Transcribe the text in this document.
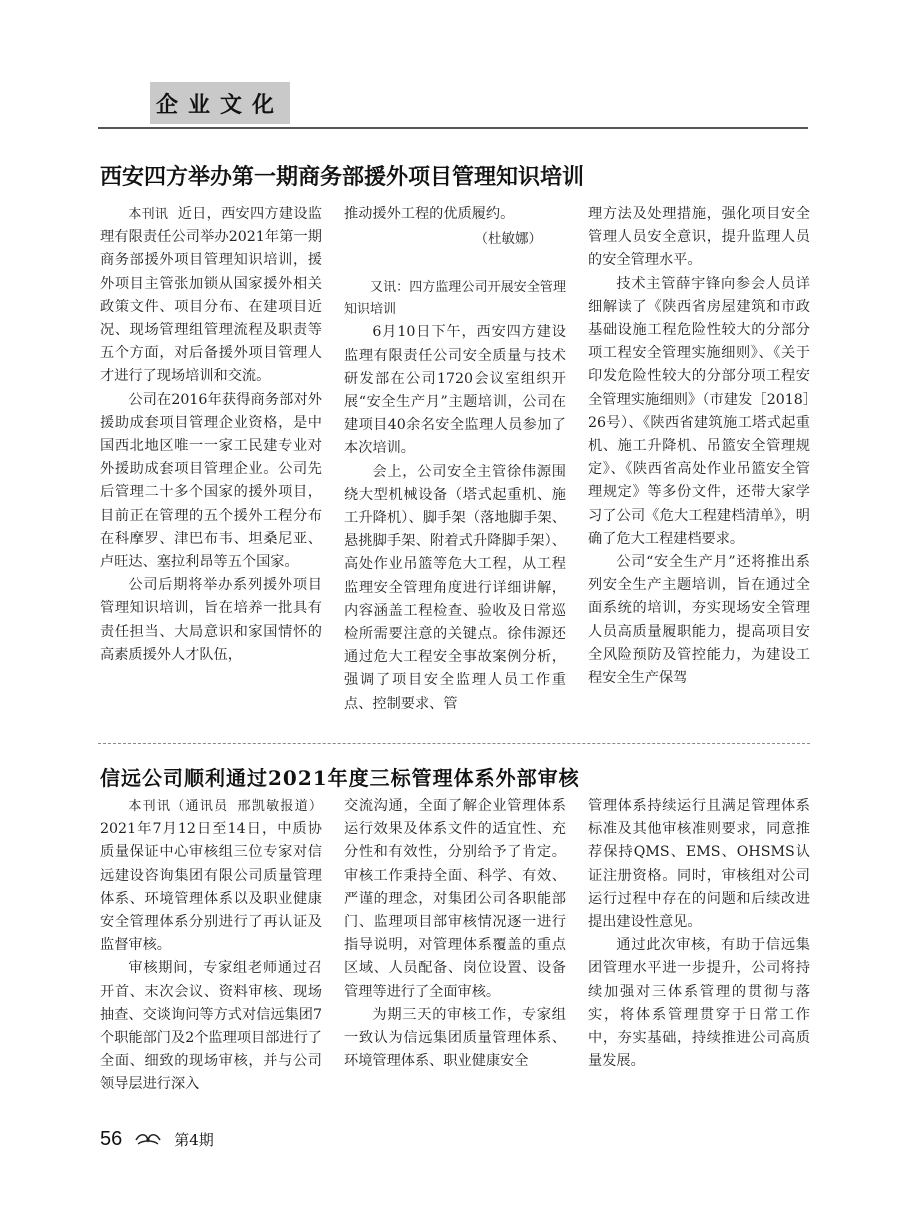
企业文化
西安四方举办第一期商务部援外项目管理知识培训

本刊讯 近日，西安四方建设监理有限责任公司举办2021年第一期商务部援外项目管理知识培训，援外项目主管张加锁从国家援外相关政策文件、项目分布、在建项目近况、现场管理组管理流程及职责等五个方面，对后备援外项目管理人才进行了现场培训和交流。

公司在2016年获得商务部对外援助成套项目管理企业资格，是中国西北地区唯一一家工民建专业对外援助成套项目管理企业。公司先后管理二十多个国家的援外项目，目前正在管理的五个援外工程分布在科摩罗、津巴布韦、坦桑尼亚、卢旺达、塞拉利昂等五个国家。

公司后期将举办系列援外项目管理知识培训，旨在培养一批具有责任担当、大局意识和家国情怀的高素质援外人才队伍，

推动援外工程的优质履约。

（杜敏娜）

又讯：四方监理公司开展安全管理知识培训

6月10日下午，西安四方建设监理有限责任公司安全质量与技术研发部在公司1720会议室组织开展“安全生产月”主题培训，公司在建项目40余名安全监理人员参加了本次培训。

会上，公司安全主管徐伟源围绕大型机械设备（塔式起重机、施工升降机）、脚手架（落地脚手架、悬挑脚手架、附着式升降脚手架）、高处作业吊篮等危大工程，从工程监理安全管理角度进行详细讲解，内容涵盖工程检查、验收及日常巡检所需要注意的关键点。徐伟源还通过危大工程安全事故案例分析，强调了项目安全监理人员工作重点、控制要求、管

理方法及处理措施，强化项目安全管理人员安全意识，提升监理人员的安全管理水平。

技术主管薛宇锋向参会人员详细解读了《陕西省房屋建筑和市政基础设施工程危险性较大的分部分项工程安全管理实施细则》、《关于印发危险性较大的分部分项工程安全管理实施细则》（市建发［2018］26号）、《陕西省建筑施工塔式起重机、施工升降机、吊篮安全管理规定》、《陕西省高处作业吊篮安全管理规定》等多份文件，还带大家学习了公司《危大工程建档清单》，明确了危大工程建档要求。

公司“安全生产月”还将推出系列安全生产主题培训，旨在通过全面系统的培训，夯实现场安全管理人员高质量履职能力，提高项目安全风险预防及管控能力，为建设工程安全生产保驾

信远公司顺利通过2021年度三标管理体系外部审核

本刊讯（通讯员 邢凯敏报道）2021年7月12日至14日，中质协质量保证中心审核组三位专家对信远建设咨询集团有限公司质量管理体系、环境管理体系以及职业健康安全管理体系分别进行了再认证及监督审核。

审核期间，专家组老师通过召开首、末次会议、资料审核、现场抽查、交谈询问等方式对信远集团7个职能部门及2个监理项目部进行了全面、细致的现场审核，并与公司领导层进行深入

交流沟通，全面了解企业管理体系运行效果及体系文件的适宜性、充分性和有效性，分别给予了肯定。审核工作秉持全面、科学、有效、严谨的理念，对集团公司各职能部门、监理项目部审核情况逐一进行指导说明，对管理体系覆盖的重点区域、人员配备、岗位设置、设备管理等进行了全面审核。

为期三天的审核工作，专家组一致认为信远集团质量管理体系、环境管理体系、职业健康安全

管理体系持续运行且满足管理体系标准及其他审核准则要求，同意推荐保持QMS、EMS、OHSMS认证注册资格。同时，审核组对公司运行过程中存在的问题和后续改进提出建设性意见。

通过此次审核，有助于信远集团管理水平进一步提升，公司将持续加强对三体系管理的贯彻与落实，将体系管理贯穿于日常工作中，夯实基础，持续推进公司高质量发展。

56	第4期
